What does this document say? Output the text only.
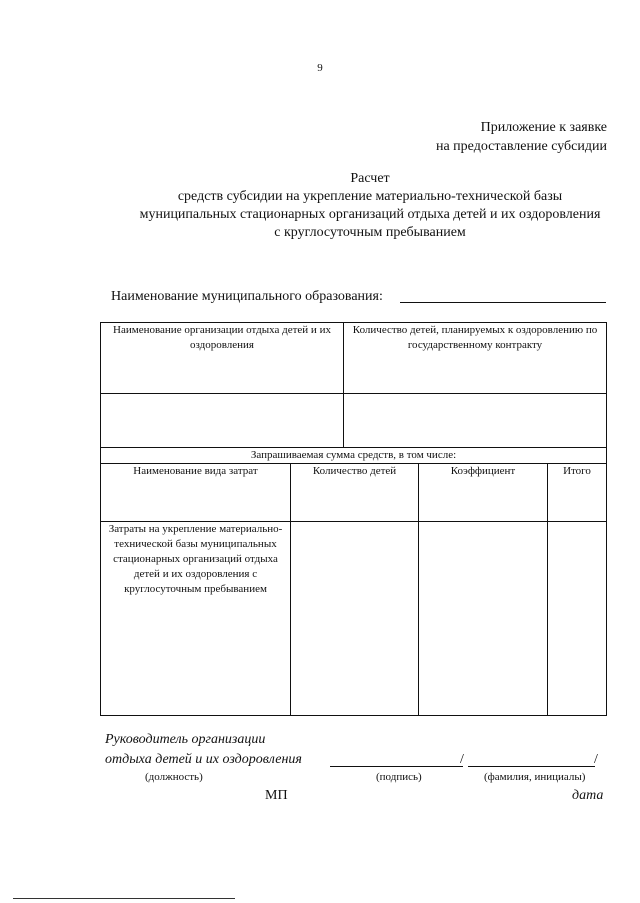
9
Приложение к заявке
на предоставление субсидии
Расчет
средств субсидии на укрепление материально-технической базы
муниципальных стационарных организаций отдыха детей и их оздоровления
с круглосуточным пребыванием
Наименование муниципального образования:
Наименование организации отдыха детей и их оздоровления		Количество детей, планируемых к оздоровлению по государственному контракту		

Запрашиваемая сумма средств, в том числе:				
Наименование вида затрат	Количество детей		Коэффициент	Итого
Затраты на укрепление материально-технической базы муниципальных стационарных организаций отдыха детей и их оздоровления с круглосуточным пребыванием				
Руководитель организации
отдыха детей и их оздоровления	/	/
(должность)	(подпись)	(фамилия, инициалы)
МП	дата
